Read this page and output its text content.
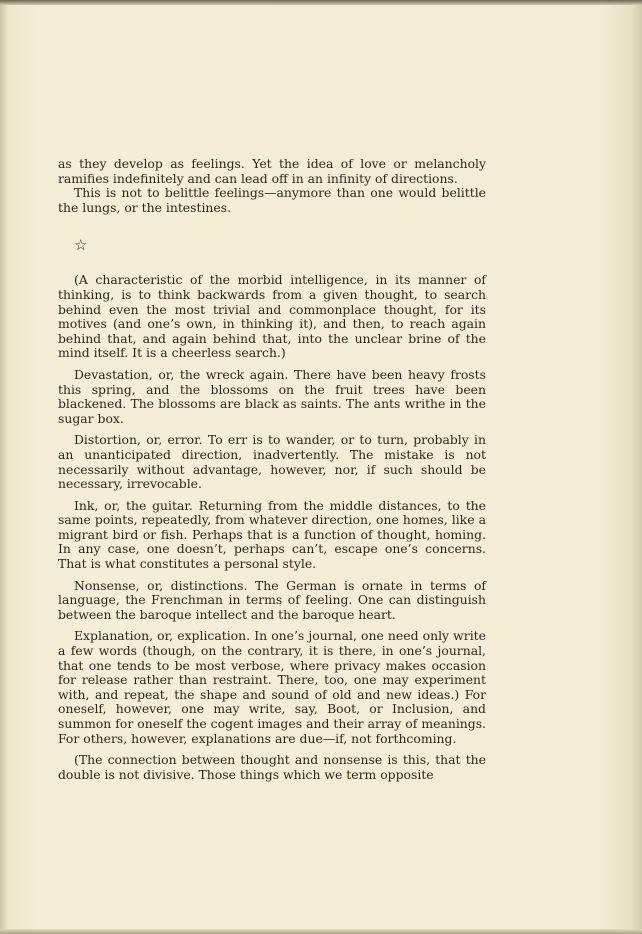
as they develop as feelings. Yet the idea of love or melancholy ramifies indefinitely and can lead off in an infinity of directions.

This is not to belittle feelings—anymore than one would belittle the lungs, or the intestines.

☆

(A characteristic of the morbid intelligence, in its manner of thinking, is to think backwards from a given thought, to search behind even the most trivial and commonplace thought, for its motives (and one’s own, in thinking it), and then, to reach again behind that, and again behind that, into the unclear brine of the mind itself. It is a cheerless search.)

Devastation, or, the wreck again. There have been heavy frosts this spring, and the blossoms on the fruit trees have been blackened. The blossoms are black as saints. The ants writhe in the sugar box.

Distortion, or, error. To err is to wander, or to turn, probably in an unanticipated direction, inadvertently. The mistake is not necessarily without advantage, however, nor, if such should be necessary, irrevocable.

Ink, or, the guitar. Returning from the middle distances, to the same points, repeatedly, from whatever direction, one homes, like a migrant bird or fish. Perhaps that is a function of thought, homing. In any case, one doesn’t, perhaps can’t, escape one’s concerns. That is what constitutes a personal style.

Nonsense, or, distinctions. The German is ornate in terms of language, the Frenchman in terms of feeling. One can distinguish between the baroque intellect and the baroque heart.

Explanation, or, explication. In one’s journal, one need only write a few words (though, on the contrary, it is there, in one’s journal, that one tends to be most verbose, where privacy makes occasion for release rather than restraint. There, too, one may experiment with, and repeat, the shape and sound of old and new ideas.) For oneself, however, one may write, say, Boot, or Inclusion, and summon for oneself the cogent images and their array of meanings. For others, however, explanations are due—if, not forthcoming.

(The connection between thought and nonsense is this, that the double is not divisive. Those things which we term opposite
